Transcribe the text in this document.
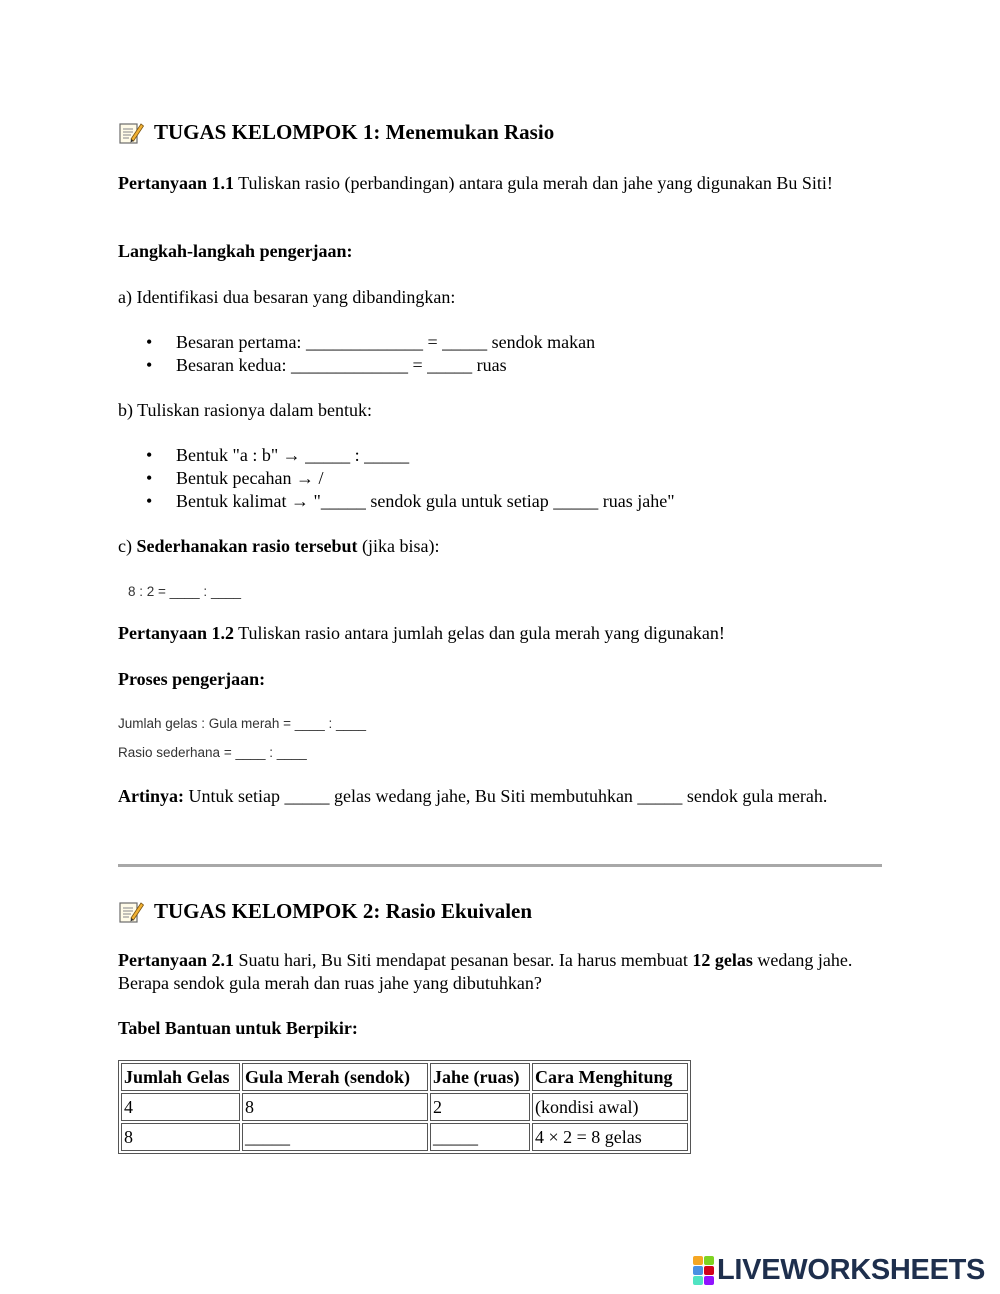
TUGAS KELOMPOK 1: Menemukan Rasio

Pertanyaan 1.1 Tuliskan rasio (perbandingan) antara gula merah dan jahe yang digunakan Bu Siti!

Langkah-langkah pengerjaan:

a) Identifikasi dua besaran yang dibandingkan:

• Besaran pertama: _____________ = _____ sendok makan
• Besaran kedua: _____________ = _____ ruas

b) Tuliskan rasionya dalam bentuk:

• Bentuk "a : b" → _____ : _____
• Bentuk pecahan → /
• Bentuk kalimat → "_____ sendok gula untuk setiap _____ ruas jahe"

c) Sederhanakan rasio tersebut (jika bisa):

8 : 2 = ____ : ____

Pertanyaan 1.2 Tuliskan rasio antara jumlah gelas dan gula merah yang digunakan!

Proses pengerjaan:

Jumlah gelas : Gula merah = ____ : ____

Rasio sederhana = ____ : ____

Artinya: Untuk setiap _____ gelas wedang jahe, Bu Siti membutuhkan _____ sendok gula merah.

TUGAS KELOMPOK 2: Rasio Ekuivalen

Pertanyaan 2.1 Suatu hari, Bu Siti mendapat pesanan besar. Ia harus membuat 12 gelas wedang jahe. Berapa sendok gula merah dan ruas jahe yang dibutuhkan?

Tabel Bantuan untuk Berpikir:

Jumlah Gelas	Gula Merah (sendok)	Jahe (ruas)	Cara Menghitung
4	8	2	(kondisi awal)
8	_____	_____	4 × 2 = 8 gelas
LIVEWORKSHEETS
